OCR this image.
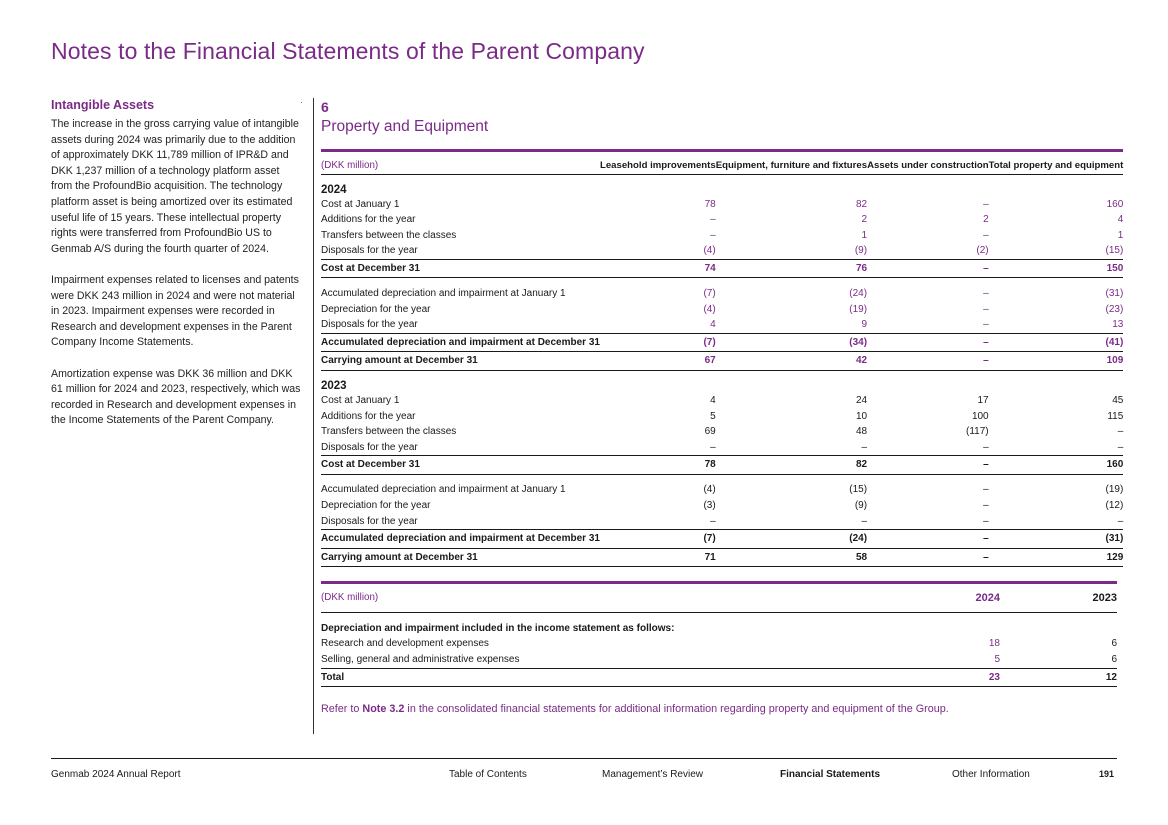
Notes to the Financial Statements of the Parent Company
Intangible Assets

The increase in the gross carrying value of intangible assets during 2024 was primarily due to the addition of approximately DKK 11,789 million of IPR&D and DKK 1,237 million of a technology platform asset from the ProfoundBio acquisition. The technology platform asset is being amortized over its estimated useful life of 15 years. These intellectual property rights were transferred from ProfoundBio US to Genmab A/S during the fourth quarter of 2024.

Impairment expenses related to licenses and patents were DKK 243 million in 2024 and were not material in 2023. Impairment expenses were recorded in Research and development expenses in the Parent Company Income Statements.

Amortization expense was DKK 36 million and DKK 61 million for 2024 and 2023, respectively, which was recorded in Research and development expenses in the Income Statements of the Parent Company.

· 6
Property and Equipment
(DKK million)	Leasehold improvements	Equipment, furniture and fixtures	Assets under construction	Total property and equipment
2024				
Cost at January 1	78	82	–	160
Additions for the year	–	2	2	4
Transfers between the classes	–	1	–	1
Disposals for the year	(4)	(9)	(2)	(15)
Cost at December 31	74	76	–	150

Accumulated depreciation and impairment at January 1	(7)	(24)	–	(31)
Depreciation for the year	(4)	(19)	–	(23)
Disposals for the year	4	9	–	13
Accumulated depreciation and impairment at December 31	(7)	(34)	–	(41)
Carrying amount at December 31	67	42	–	109
2023				
Cost at January 1	4	24	17	45
Additions for the year	5	10	100	115
Transfers between the classes	69	48	(117)	–
Disposals for the year	–	–	–	–
Cost at December 31	78	82	–	160

Accumulated depreciation and impairment at January 1	(4)	(15)	–	(19)
Depreciation for the year	(3)	(9)	–	(12)
Disposals for the year	–	–	–	–
Accumulated depreciation and impairment at December 31	(7)	(24)	–	(31)
Carrying amount at December 31	71	58	–	129
(DKK million)	2024	2023
Depreciation and impairment included in the income statement as follows:		
Research and development expenses	18	6
Selling, general and administrative expenses	5	6
Total	23	12
Refer to Note 3.2 in the consolidated financial statements for additional information regarding property and equipment of the Group.
Genmab 2024 Annual Report	Table of Contents	Management’s Review	Financial Statements	Other Information	191
